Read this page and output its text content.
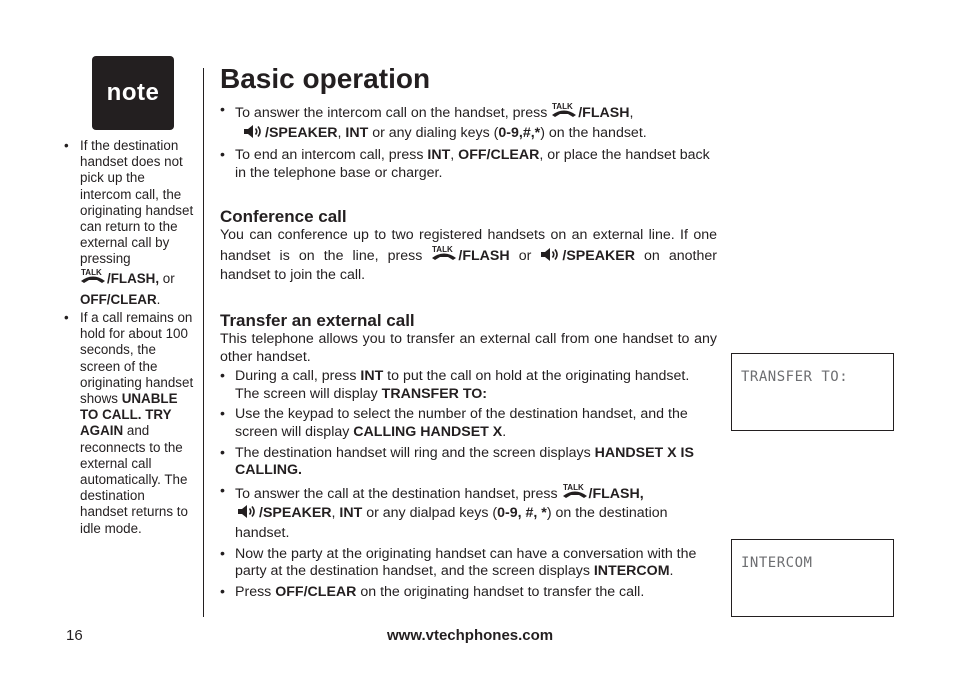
note
• If the destination handset does not pick up the intercom call, the originating handset can return to the external call by pressing

TALK /FLASH, or
OFF/CLEAR.
• If a call remains on hold for about 100 seconds, the screen of the originating handset shows UNABLE TO CALL. TRY AGAIN and reconnects to the external call automatically. The destination handset returns to idle mode.
Basic operation
• To answer the intercom call on the handset, press TALK /FLASH,
/SPEAKER, INT or any dialing keys (0-9,#,*) on the handset.
• To end an intercom call, press INT, OFF/CLEAR, or place the handset back in the telephone base or charger.
Conference call

You can conference up to two registered handsets on an external line. If one handset is on the line, press TALK /FLASH or /SPEAKER on another handset to join the call.

Transfer an external call

This telephone allows you to transfer an external call from one handset to any other handset.

• During a call, press INT to put the call on hold at the originating handset. The screen will display TRANSFER TO:
• Use the keypad to select the number of the destination handset, and the screen will display CALLING HANDSET X.
• The destination handset will ring and the screen displays HANDSET X IS CALLING.
• To answer the call at the destination handset, press TALK /FLASH,
/SPEAKER, INT or any dialpad keys (0-9, #, *) on the destination handset.
• Now the party at the originating handset can have a conversation with the party at the destination handset, and the screen displays INTERCOM.
• Press OFF/CLEAR on the originating handset to transfer the call.
TRANSFER TO:
INTERCOM
16	www.vtechphones.com
